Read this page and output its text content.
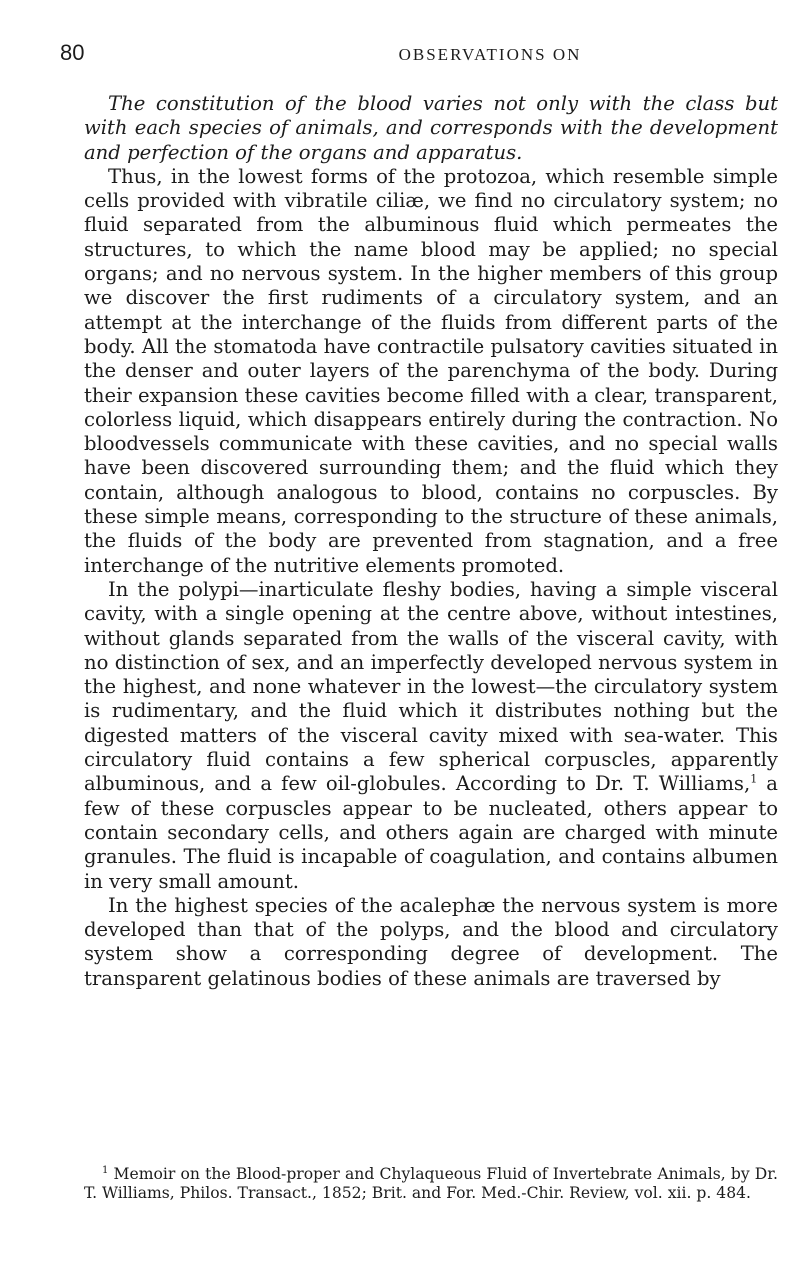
80	OBSERVATIONS ON

The constitution of the blood varies not only with the class but with each species of animals, and corresponds with the development and perfection of the organs and apparatus.

Thus, in the lowest forms of the protozoa, which resemble simple cells provided with vibratile ciliæ, we find no circulatory system; no fluid separated from the albuminous fluid which permeates the structures, to which the name blood may be applied; no special organs; and no nervous system. In the higher members of this group we discover the first rudiments of a circulatory system, and an attempt at the interchange of the fluids from different parts of the body. All the stomatoda have contractile pulsatory cavities situated in the denser and outer layers of the parenchyma of the body. During their expansion these cavities become filled with a clear, transparent, colorless liquid, which disappears entirely during the contraction. No bloodvessels communicate with these cavities, and no special walls have been discovered surrounding them; and the fluid which they contain, although analogous to blood, contains no corpuscles. By these simple means, corresponding to the structure of these animals, the fluids of the body are prevented from stagnation, and a free interchange of the nutritive elements promoted.

In the polypi—inarticulate fleshy bodies, having a simple visceral cavity, with a single opening at the centre above, without intestines, without glands separated from the walls of the visceral cavity, with no distinction of sex, and an imperfectly developed nervous system in the highest, and none whatever in the lowest—the circulatory system is rudimentary, and the fluid which it distributes nothing but the digested matters of the visceral cavity mixed with sea-water. This circulatory fluid contains a few spherical corpuscles, apparently albuminous, and a few oil-globules. According to Dr. T. Williams,$^1$ a few of these corpuscles appear to be nucleated, others appear to contain secondary cells, and others again are charged with minute granules. The fluid is incapable of coagulation, and contains albumen in very small amount.

In the highest species of the acalephæ the nervous system is more developed than that of the polyps, and the blood and circulatory system show a corresponding degree of development. The transparent gelatinous bodies of these animals are traversed by

$^1$ Memoir on the Blood-proper and Chylaqueous Fluid of Invertebrate Animals, by Dr. T. Williams, Philos. Transact., 1852; Brit. and For. Med.-Chir. Review, vol. xii. p. 484.
